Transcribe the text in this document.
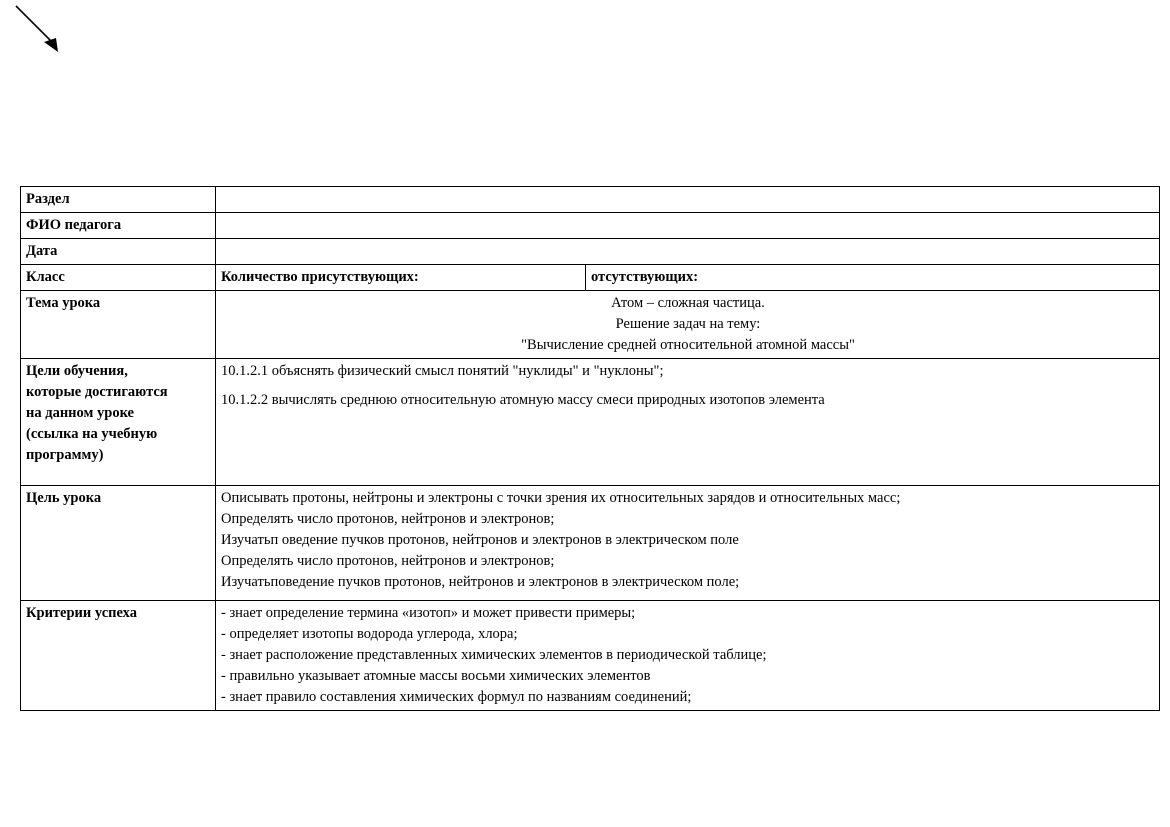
Раздел		
ФИО педагога		
Дата		
Класс	Количество присутствующих:	отсутствующих:
Тема урока	Атом – сложная частица.
Решение задач на тему:
"Вычисление средней относительной атомной массы"	

Цели обучения,
которые достигаются
на данном уроке
(ссылка на учебную
программу)	10.1.2.1 объяснять физический смысл понятий "нуклиды" и "нуклоны";
10.1.2.2 вычислять среднюю относительную атомную массу смеси природных изотопов элемента	

Цель урока	Описывать протоны, нейтроны и электроны с точки зрения их относительных зарядов и относительных масс;
Определять число протонов, нейтронов и электронов;
Изучатьп оведение пучков протонов, нейтронов и электронов в электрическом поле
Определять число протонов, нейтронов и электронов;
Изучатьповедение пучков протонов, нейтронов и электронов в электрическом поле;	

Критерии успеха	- знает определение термина «изотоп» и может привести примеры;
- определяет изотопы водорода углерода, хлора;
- знает расположение представленных химических элементов в периодической таблице;
- правильно указывает атомные массы восьми химических элементов
- знает правило составления химических формул по названиям соединений;	
